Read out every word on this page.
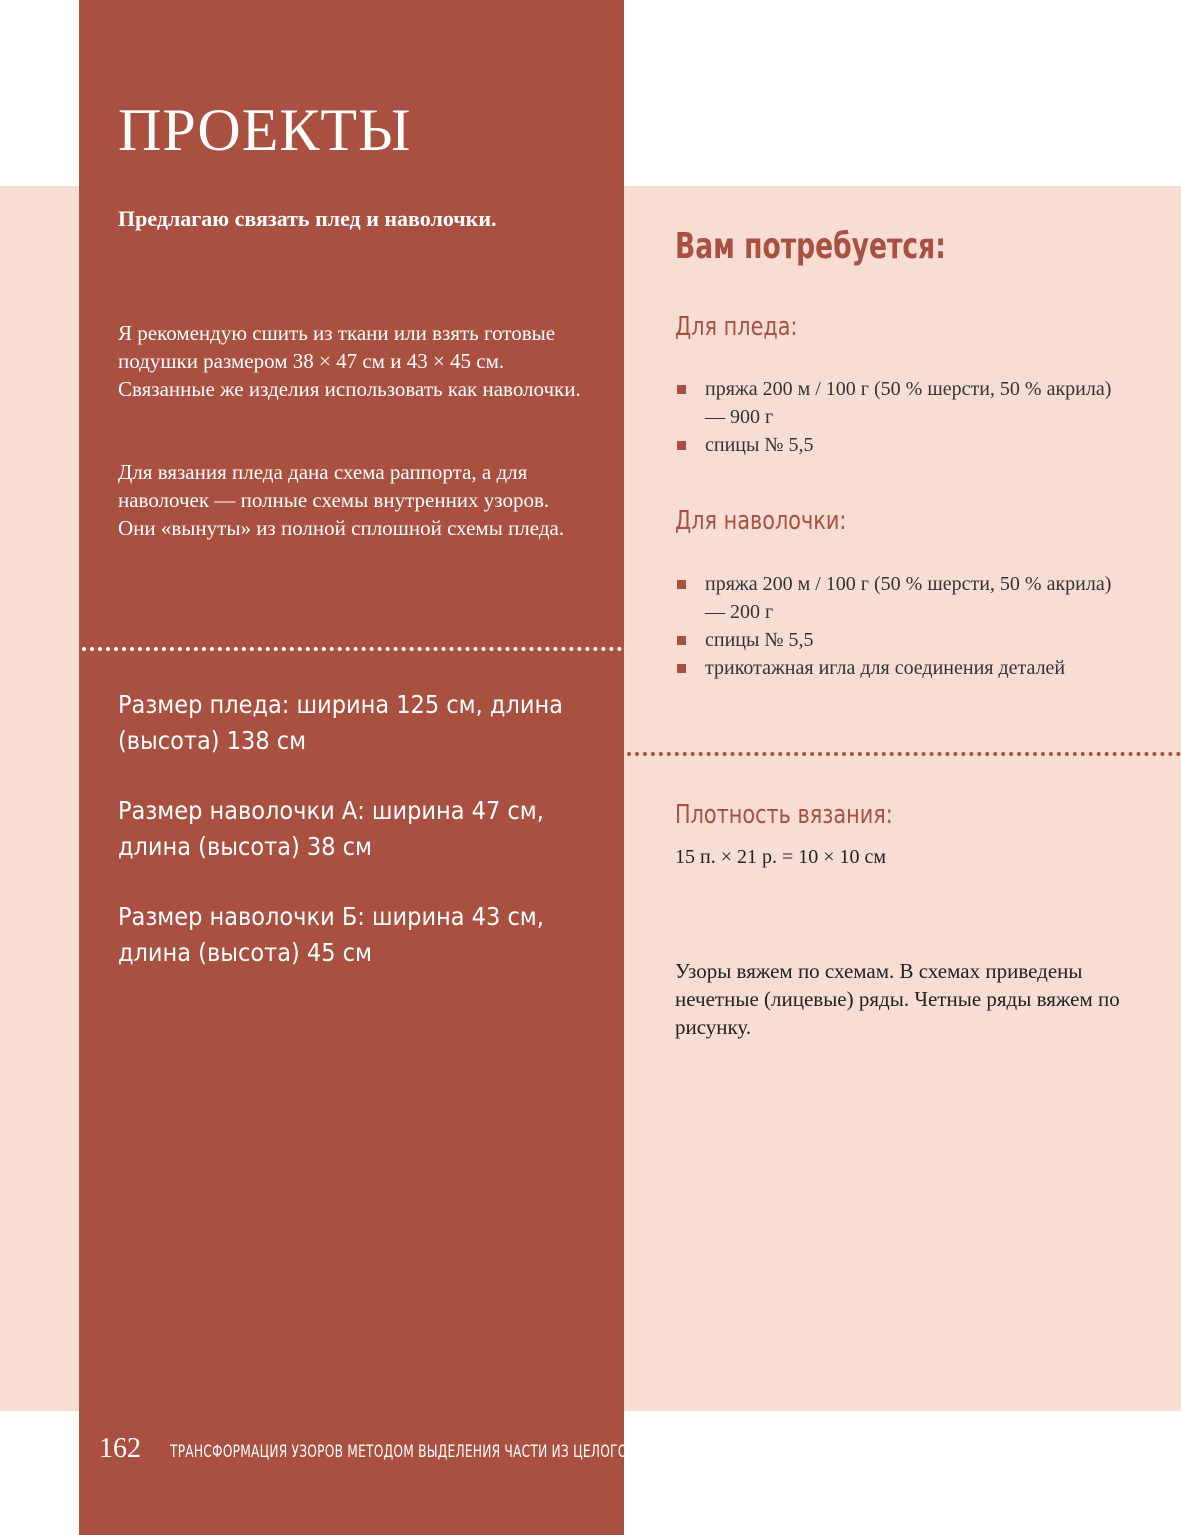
ПРОЕКТЫ

Предлагаю связать плед и наволочки.

Я рекомендую сшить из ткани или взять готовые подушки размером 38 × 47 см и 43 × 45 см. Связанные же изделия использовать как наволочки.

Для вязания пледа дана схема раппорта, а для наволочек — полные схемы внутренних узоров. Они «вынуты» из полной сплошной схемы пледа.

Размер пледа: ширина 125 см, длина (высота) 138 см

Размер наволочки А: ширина 47 см, длина (высота) 38 см

Размер наволочки Б: ширина 43 см, длина (высота) 45 см

Вам потребуется:
Для пледа:
пряжа 200 м / 100 г (50 % шерсти, 50 % акрила) — 900 г
спицы № 5,5
Для наволочки:
пряжа 200 м / 100 г (50 % шерсти, 50 % акрила) — 200 г
спицы № 5,5
трикотажная игла для соединения деталей
Плотность вязания:

15 п. × 21 р. = 10 × 10 см

Узоры вяжем по схемам. В схемах приведены нечетные (лицевые) ряды. Четные ряды вяжем по рисунку.

162 ТРАНСФОРМАЦИЯ УЗОРОВ МЕТОДОМ ВЫДЕЛЕНИЯ ЧАСТИ ИЗ ЦЕЛОГО
